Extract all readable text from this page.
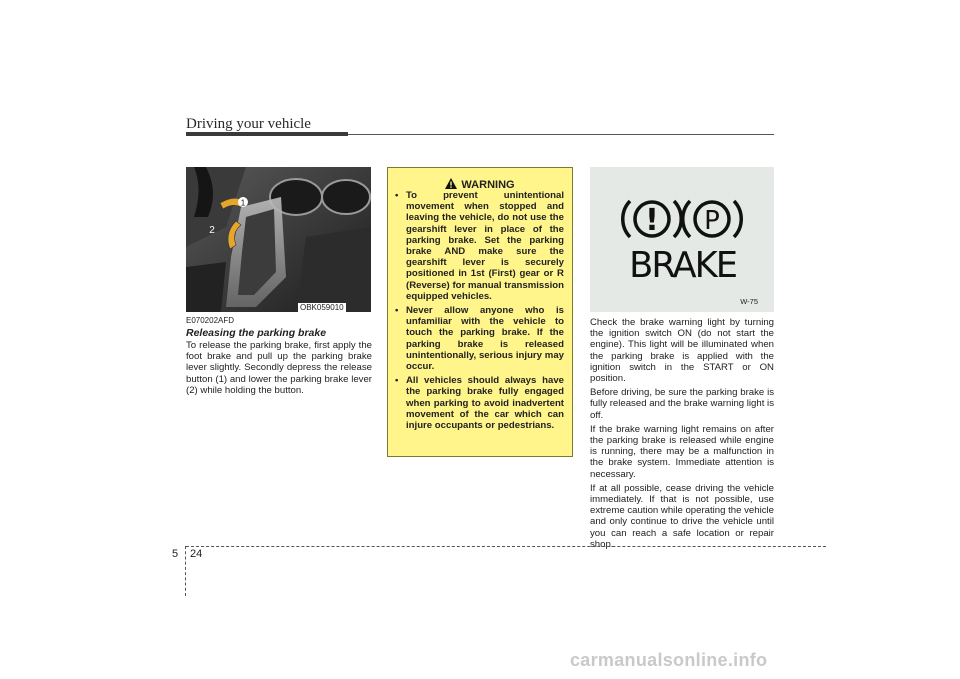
Driving your vehicle
1
2
OBK059010
E070202AFD
Releasing the parking brake

To release the parking brake, first apply the foot brake and pull up the parking brake lever slightly. Secondly depress the release button (1) and lower the parking brake lever (2) while holding the button.

WARNING
• To prevent unintentional movement when stopped and leaving the vehicle, do not use the gearshift lever in place of the parking brake. Set the parking brake AND make sure the gearshift lever is securely positioned in 1st (First) gear or R (Reverse) for manual transmission equipped vehicles.
• Never allow anyone who is unfamiliar with the vehicle to touch the parking brake. If the parking brake is released unintentionally, serious injury may occur.
• All vehicles should always have the parking brake fully engaged when parking to avoid inadvertent movement of the car which can injure occupants or pedestrians.
! P
BRAKE
W-75

Check the brake warning light by turning the ignition switch ON (do not start the engine). This light will be illuminated when the parking brake is applied with the ignition switch in the START or ON position.

Before driving, be sure the parking brake is fully released and the brake warning light is off.

If the brake warning light remains on after the parking brake is released while engine is running, there may be a malfunction in the brake system. Immediate attention is necessary.

If at all possible, cease driving the vehicle immediately. If that is not possible, use extreme caution while operating the vehicle and only continue to drive the vehicle until you can reach a safe location or repair shop.

5 24
carmanualsonline.info
